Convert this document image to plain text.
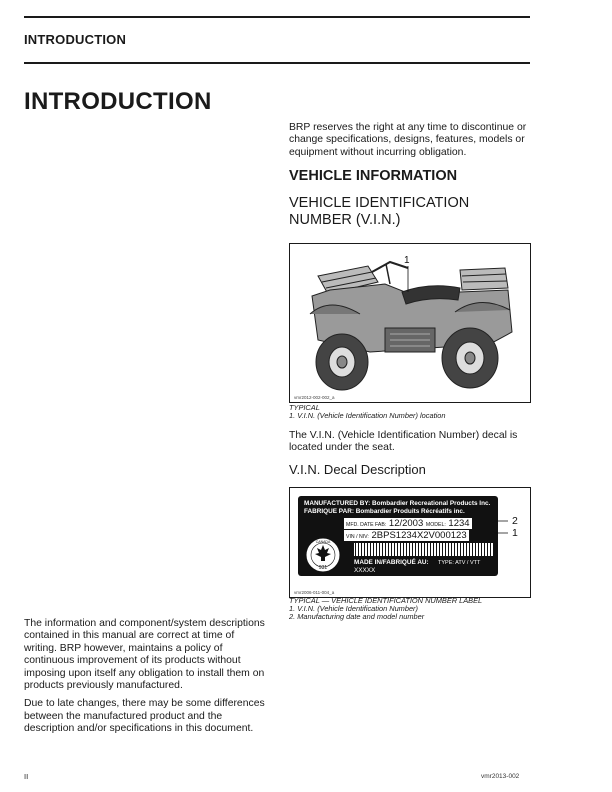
INTRODUCTION
INTRODUCTION

BRP reserves the right at any time to discontinue or change specifications, designs, features, models or equipment without incurring obligation.

VEHICLE INFORMATION
VEHICLE IDENTIFICATION NUMBER (V.I.N.)
1
vmr2012-002-002_a
TYPICAL
1. V.I.N. (Vehicle Identification Number) location

The V.I.N. (Vehicle Identification Number) decal is located under the seat.

V.I.N. Decal Description
MANUFACTURED BY: Bombardier Recreational Products Inc.
FABRIQUE PAR: Bombardier Produits Récréatifs inc.
MFD. DATE FAB: 12/2003 MODEL: 1234
VIN / NIV: 2BPS1234X2V000123
931
CANADA
MADE IN/FABRIQUÉ AU:
XXXXX
TYPE: ATV / VTT
2
1
vmr2006-011-004_a
TYPICAL — VEHICLE IDENTIFICATION NUMBER LABEL
1. V.I.N. (Vehicle Identification Number)
2. Manufacturing date and model number

The information and component/system descriptions contained in this manual are correct at time of writing. BRP however, maintains a policy of continuous improvement of its products without imposing upon itself any obligation to install them on products previously manufactured.

Due to late changes, there may be some differences between the manufactured product and the description and/or specifications in this document.

II	vmr2013-002
